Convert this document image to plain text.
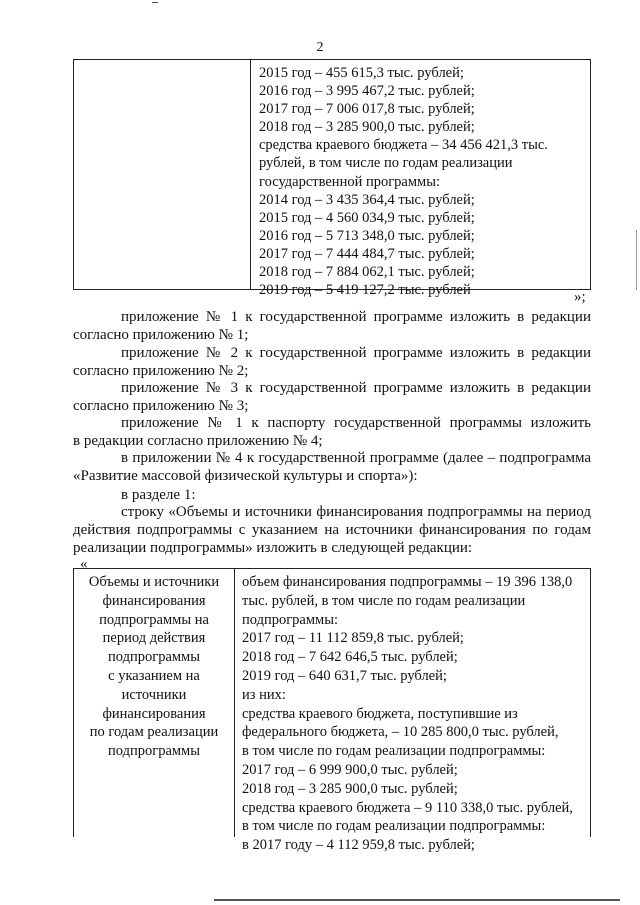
2
2015 год – 455 615,3 тыс. рублей;
2016 год – 3 995 467,2 тыс. рублей;
2017 год – 7 006 017,8 тыс. рублей;
2018 год – 3 285 900,0 тыс. рублей;
средства краевого бюджета – 34 456 421,3 тыс.
рублей, в том числе по годам реализации
государственной программы:
2014 год – 3 435 364,4 тыс. рублей;
2015 год – 4 560 034,9 тыс. рублей;
2016 год – 5 713 348,0 тыс. рублей;
2017 год – 7 444 484,7 тыс. рублей;
2018 год – 7 884 062,1 тыс. рублей;
2019 год – 5 419 127,2 тыс. рублей	»;
приложение № 1 к государственной программе изложить в редакции
согласно приложению № 1;
приложение № 2 к государственной программе изложить в редакции
согласно приложению № 2;
приложение № 3 к государственной программе изложить в редакции
согласно приложению № 3;
приложение № 1 к паспорту государственной программы изложить
в редакции согласно приложению № 4;
в приложении № 4 к государственной программе (далее – подпрограмма
«Развитие массовой физической культуры и спорта»):
в разделе 1:
строку «Объемы и источники финансирования подпрограммы на период
действия подпрограммы с указанием на источники финансирования по годам
реализации подпрограммы» изложить в следующей редакции:
«
Объемы и источники
финансирования
подпрограммы на
период действия
подпрограммы
с указанием на
источники
финансирования
по годам реализации
подпрограммы
объем финансирования подпрограммы – 19 396 138,0
тыс. рублей, в том числе по годам реализации
подпрограммы:
2017 год – 11 112 859,8 тыс. рублей;
2018 год – 7 642 646,5 тыс. рублей;
2019 год – 640 631,7 тыс. рублей;
из них:
средства краевого бюджета, поступившие из
федерального бюджета, – 10 285 800,0 тыс. рублей,
в том числе по годам реализации подпрограммы:
2017 год – 6 999 900,0 тыс. рублей;
2018 год – 3 285 900,0 тыс. рублей;
средства краевого бюджета – 9 110 338,0 тыс. рублей,
в том числе по годам реализации подпрограммы:
в 2017 году – 4 112 959,8 тыс. рублей;
